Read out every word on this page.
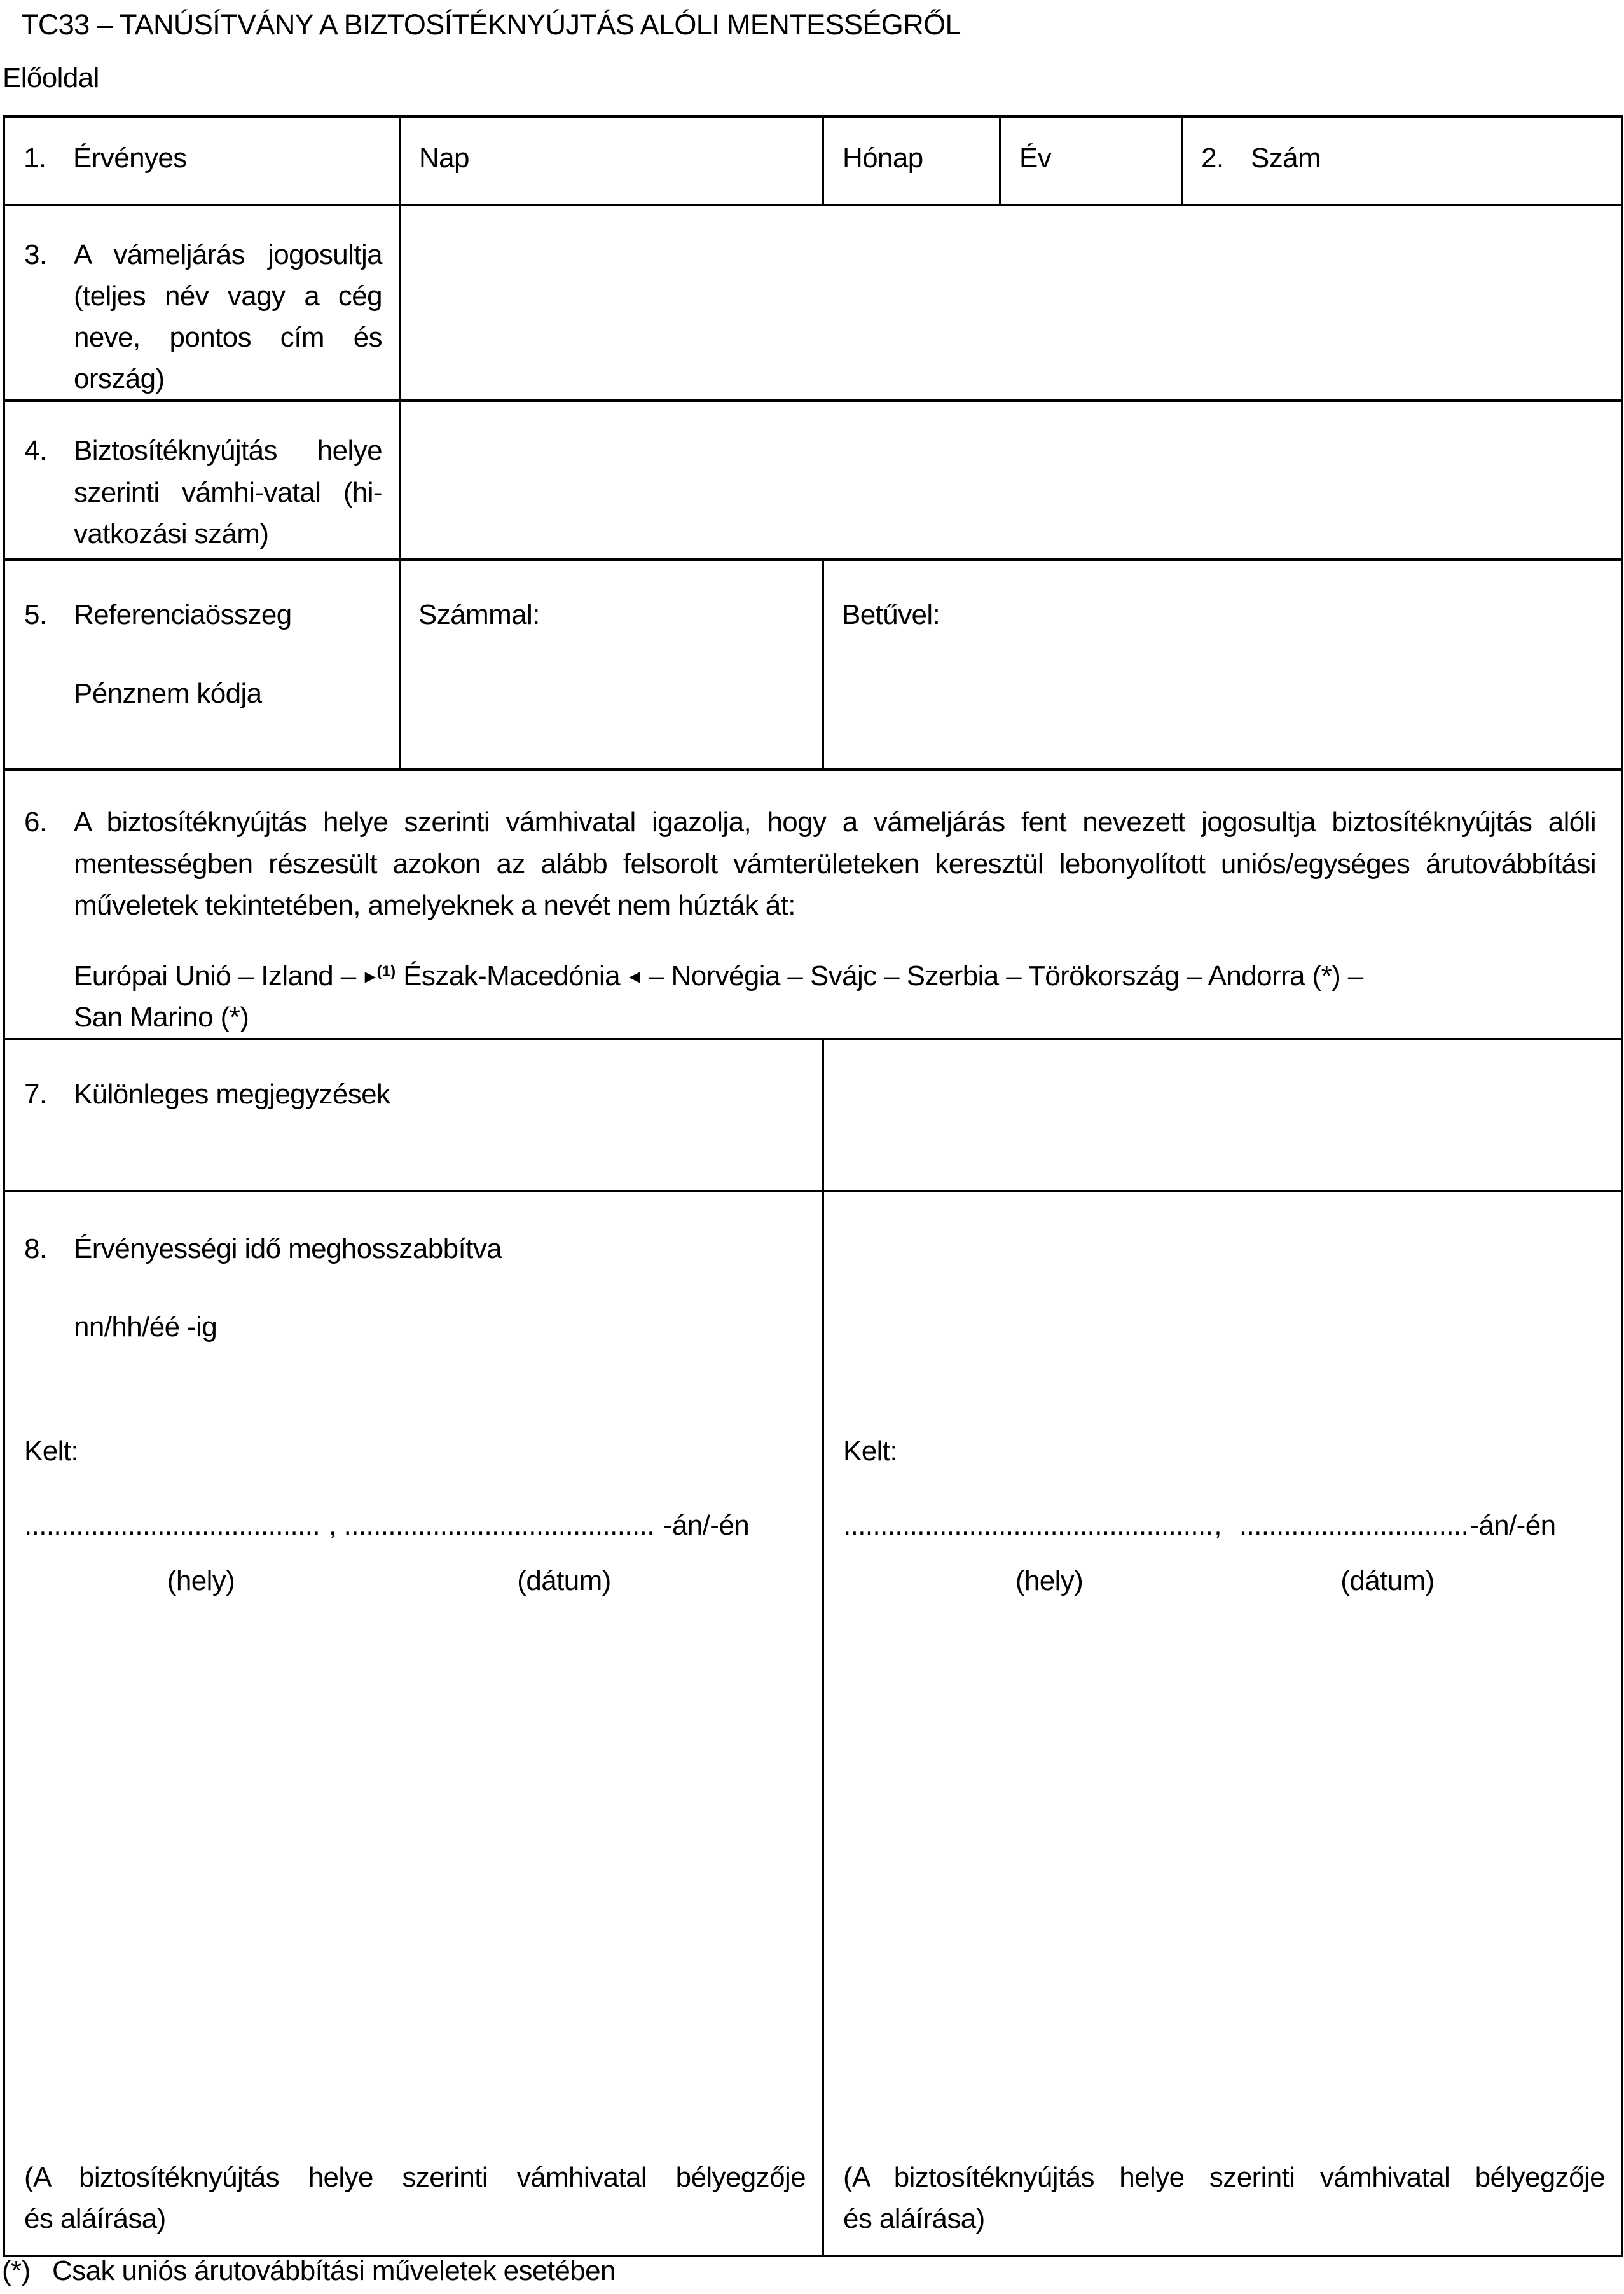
TC33 – TANÚSÍTVÁNY A BIZTOSÍTÉKNYÚJTÁS ALÓLI MENTESSÉGRŐL
Előoldal
1. Érvényes	Nap	Hónap	Év	2. Szám

3. A vámeljárás jogosultja (teljes név vagy a cég neve, pontos cím és ország)				

4. Biztosítéknyújtás helye szerinti vámhi-vatal (hi-vatkozási szám)				

5. Referenciaösszeg
Pénznem kódja	Számmal:	Betűvel:		

6. A biztosítéknyújtás helye szerinti vámhivatal igazolja, hogy a vámeljárás fent nevezett jogosultja biztosítéknyújtás alóli mentességben részesült azokon az alább felsorolt vámterületeken keresztül lebonyolított uniós/egységes árutovábbítási műveletek tekintetében, amelyeknek a nevét nem húzták át:
Európai Unió – Izland – ▸$^{(1)}$ Észak-Macedónia ◂ – Norvégia – Svájc – Szerbia – Törökország – Andorra (*) –
San Marino (*)				

7. Különleges megjegyzések				

8. Érvényességi idő meghosszabbítva
nn/hh/éé -ig
Kelt:
........................................ , .......................................... -án/-én
(hely)	(dátum)
(A biztosítéknyújtás helye szerinti vámhivatal bélyegzője
és aláírása)

Kelt:
.................................................., ...............................-án/-én
(hely)	(dátum)
(A biztosítéknyújtás helye szerinti vámhivatal bélyegzője
és aláírása)
(*) Csak uniós árutovábbítási műveletek esetében
